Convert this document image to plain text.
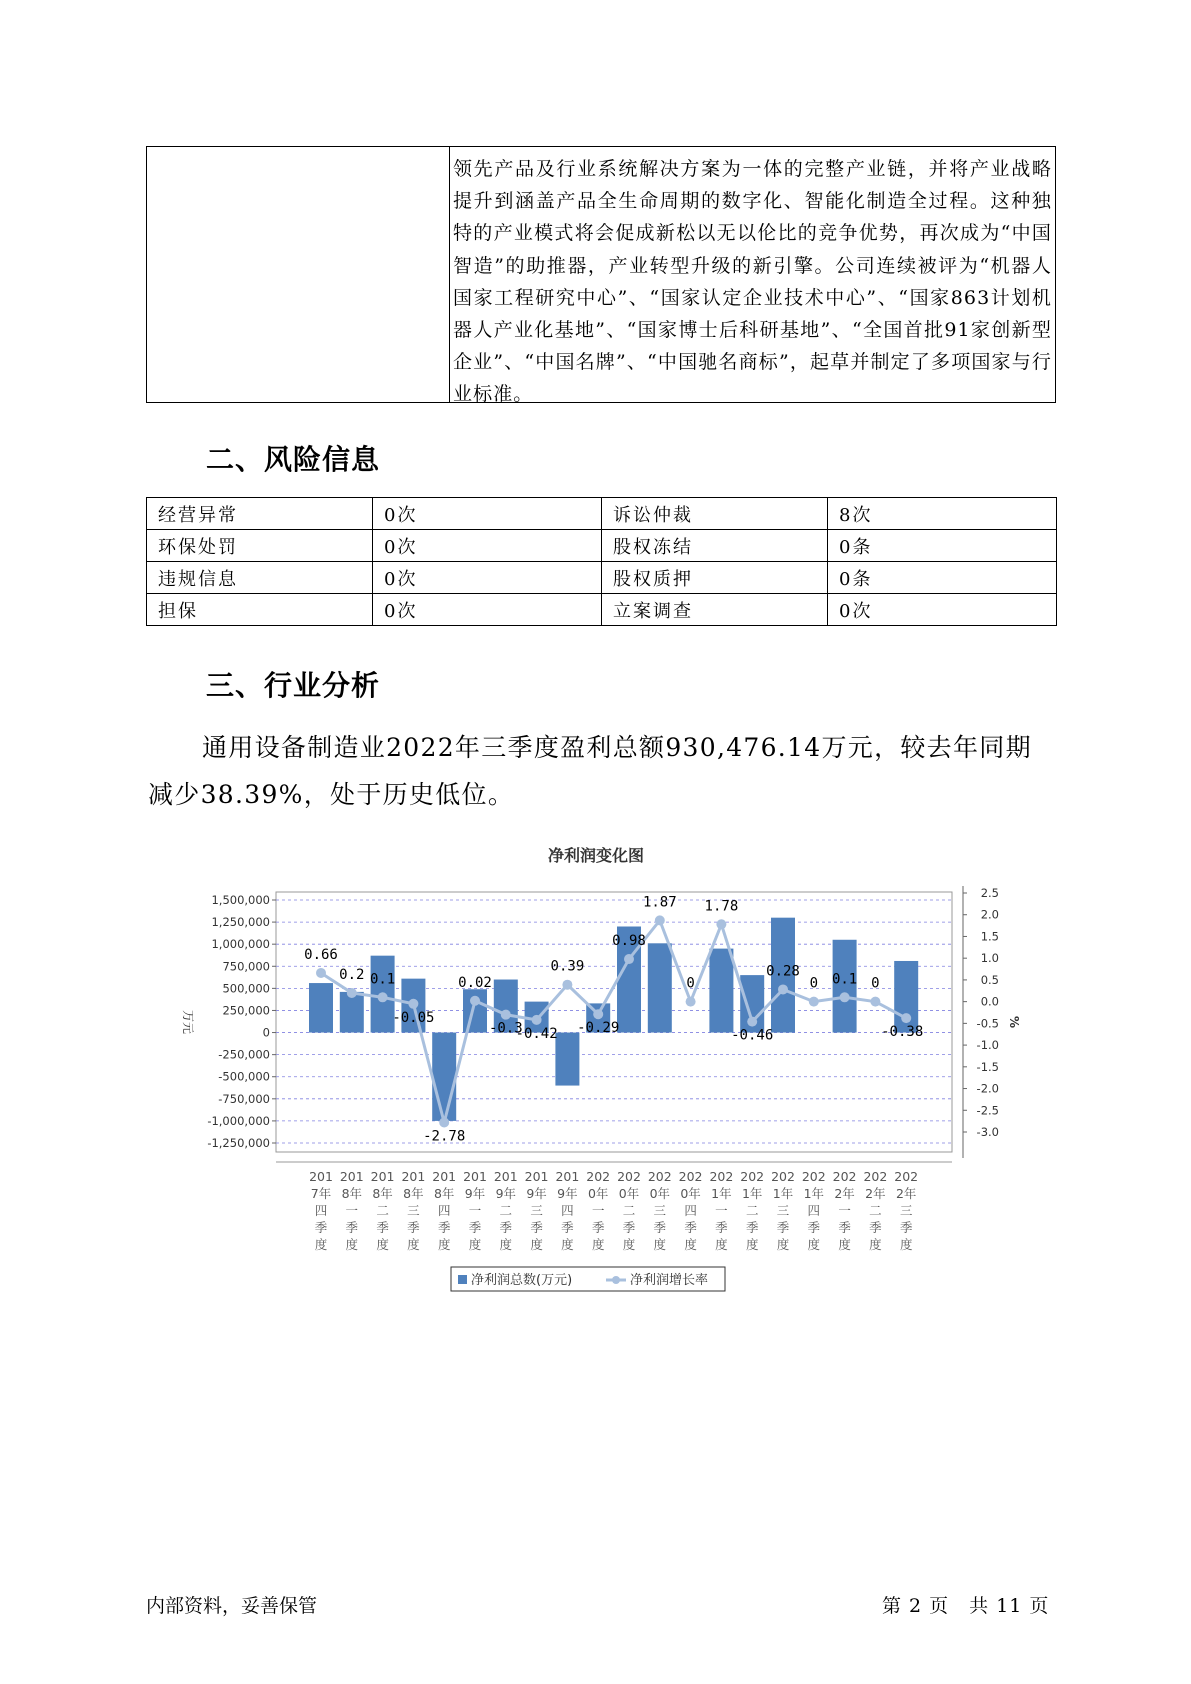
领先产品及行业系统解决方案为一体的完整产业链，并将产业战略提升到涵盖产品全生命周期的数字化、智能化制造全过程。这种独特的产业模式将会促成新松以无以伦比的竞争优势，再次成为“中国智造”的助推器，产业转型升级的新引擎。公司连续被评为“机器人国家工程研究中心”、“国家认定企业技术中心”、“国家863计划机器人产业化基地”、“国家博士后科研基地”、“全国首批91家创新型企业”、“中国名牌”、“中国驰名商标”，起草并制定了多项国家与行业标准。
二、风险信息
经营异常	0次	诉讼仲裁	8次
环保处罚	0次	股权冻结	0条
违规信息	0次	股权质押	0条
担保	0次	立案调查	0次
三、行业分析

通用设备制造业2022年三季度盈利总额930,476.14万元，较去年同期减少38.39%，处于历史低位。

净利润变化图
1,500,000
1,250,000
1,000,000
750,000
500,000
250,000
0
-250,000
-500,000
-750,000
-1,000,000
-1,250,000
万元
2.5
2.0
1.5
1.0
0.5
0.0
-0.5
-1.0
-1.5
-2.0
-2.5
-3.0
%
0.66
0.2 0.1
-0.05
-2.78
0.02
-0.3
-0.42
0.39
-0.29
0.98
1.87
0
1.78
-0.46
0.28
0 0.1 0
-0.38
201
7年
四
季
度
201
8年
一
季
度
201
8年
二
季
度
201
8年
三
季
度
201
8年
四
季
度
201
9年
一
季
度
201
9年
二
季
度
201
9年
三
季
度
201
9年
四
季
度
202
0年
一
季
度
202
0年
二
季
度
202
0年
三
季
度
202
0年
四
季
度
202
1年
一
季
度
202
1年
二
季
度
202
1年
三
季
度
202
1年
四
季
度
202
2年
一
季
度
202
2年
二
季
度
202
2年
三
季
度
净利润总数(万元)	净利润增长率
内部资料，妥善保管	第 2 页　共 11 页
